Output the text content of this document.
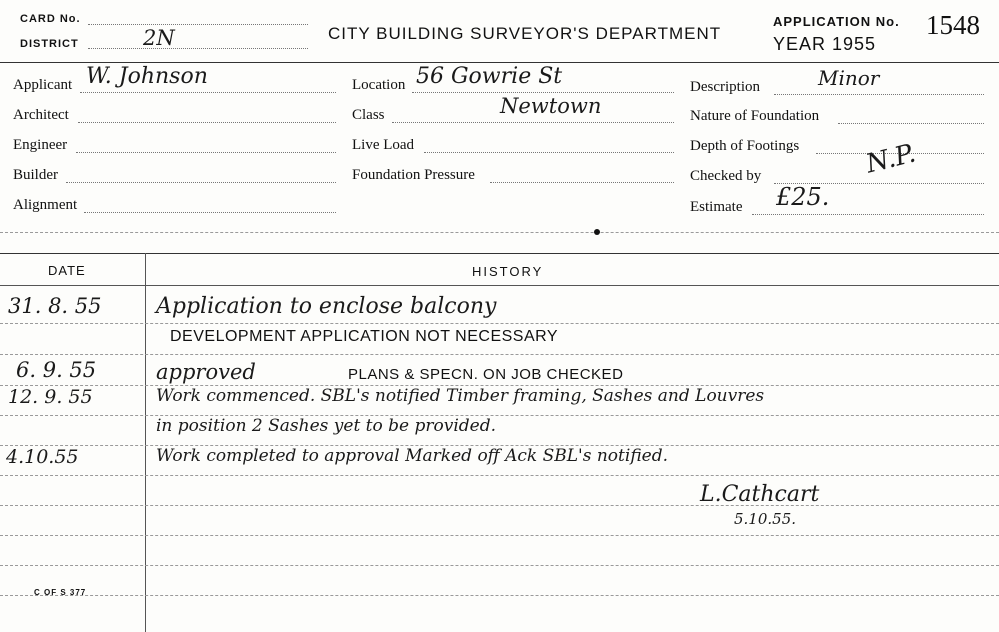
CARD No.
DISTRICT	2N	CITY BUILDING SURVEYOR'S DEPARTMENT
APPLICATION No. 1548
YEAR 1955
Applicant W. Johnson
Architect
Engineer
Builder
Alignment
Location 56 Gowrie St
Class	Newtown
Live Load
Foundation Pressure
Description	Minor
Nature of Foundation
Depth of Footings
Checked by	N.P.
Estimate £25.
DATE	HISTORY
31. 8. 55 Application to enclose balcony
DEVELOPMENT APPLICATION NOT NECESSARY
6. 9. 55	approved	PLANS & SPECN. ON JOB CHECKED
12. 9. 55	Work commenced. SBL's notified Timber framing, Sashes and Louvres
in position 2 Sashes yet to be provided.
4.10.55	Work completed to approval Marked off Ack SBL's notified.
L.Cathcart
5.10.55.
C OF S 377
